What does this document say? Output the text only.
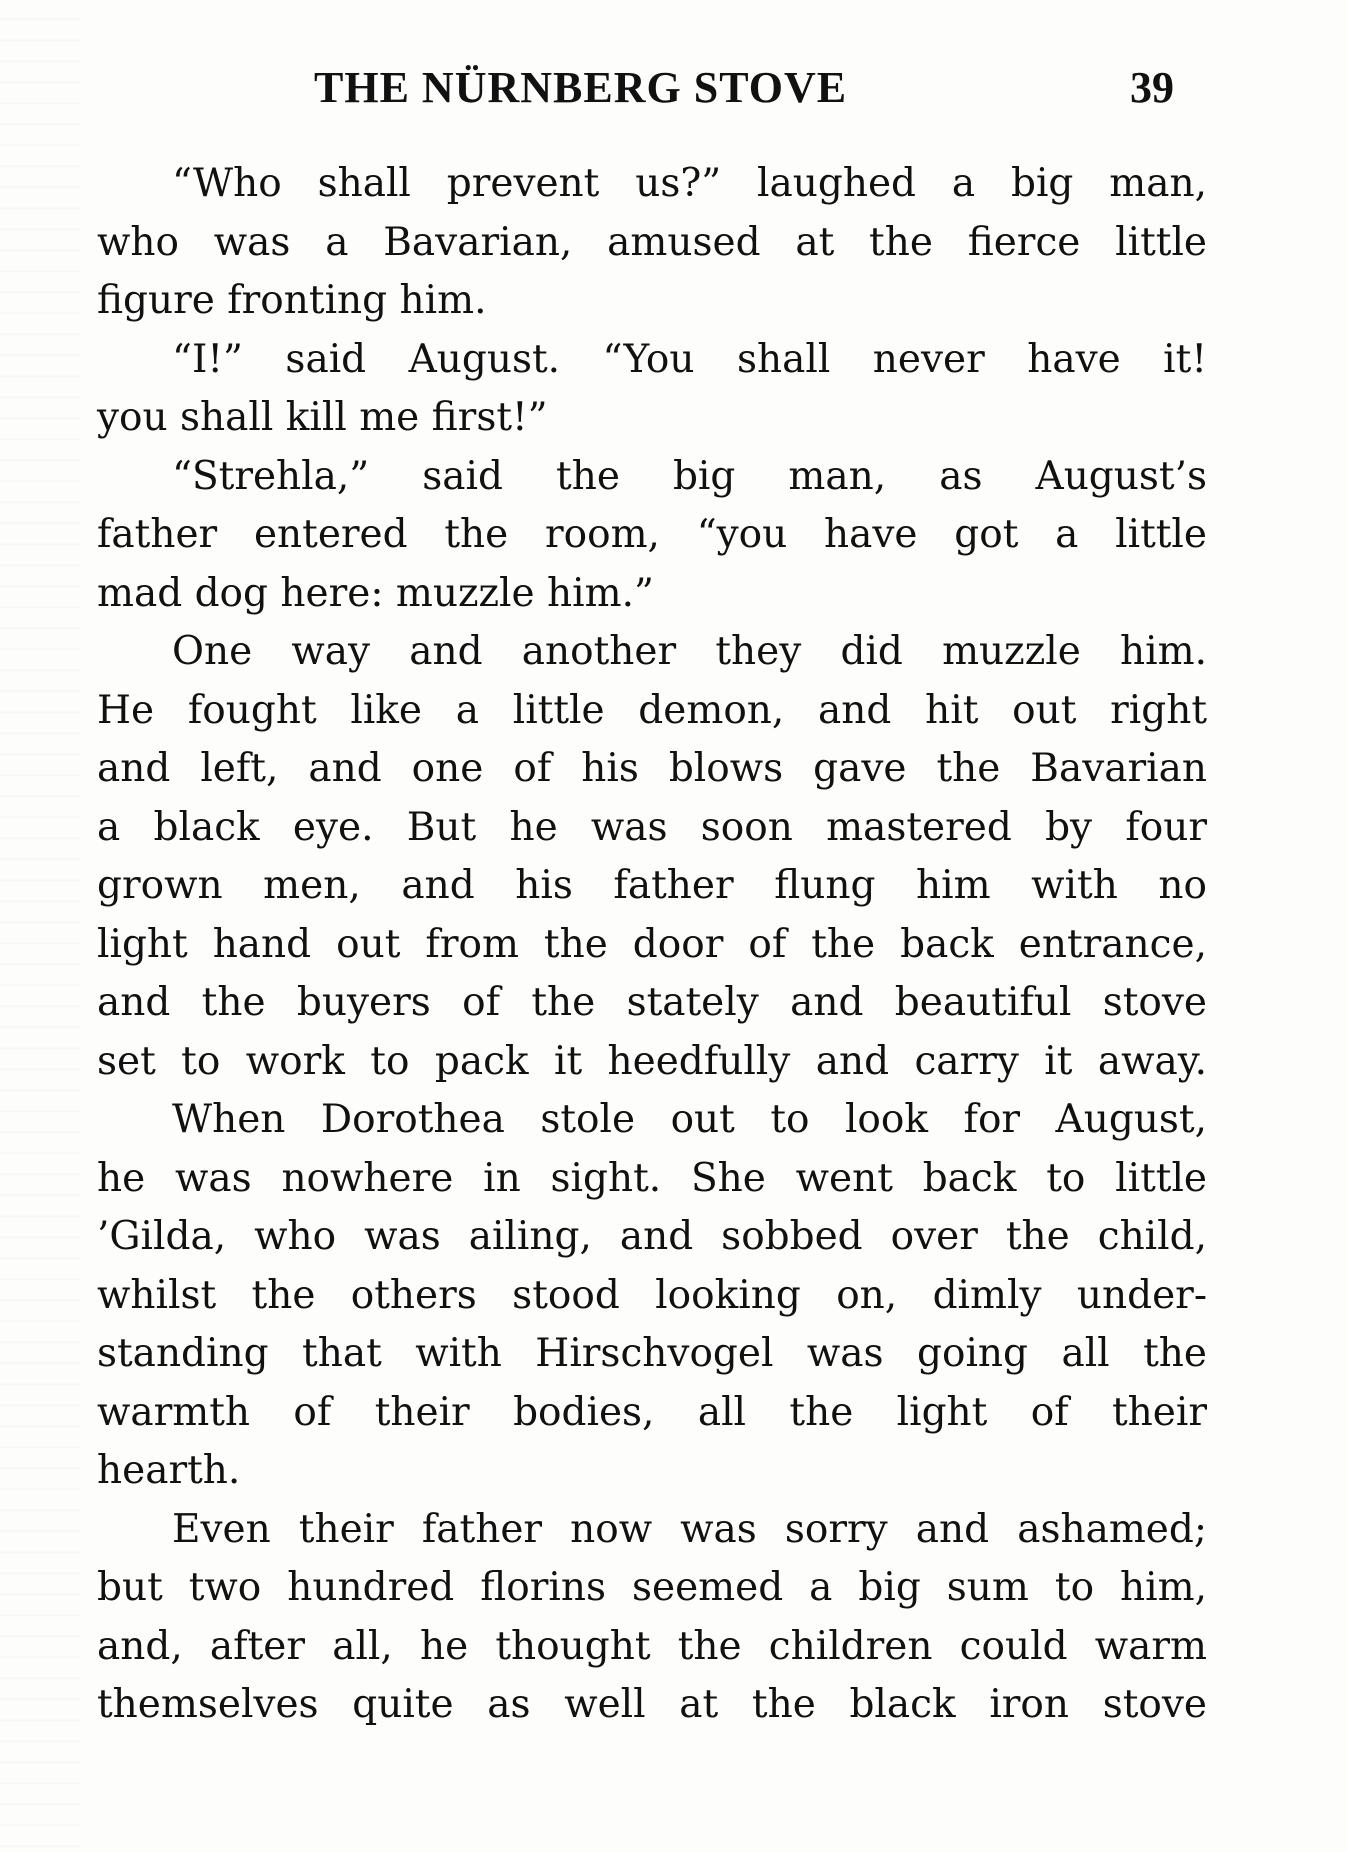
THE NÜRNBERG STOVE	39
“Who shall prevent us?” laughed a big man,
who was a Bavarian, amused at the fierce little
figure fronting him.
“I!” said August. “You shall never have it!
you shall kill me first!”
“Strehla,” said the big man, as August’s
father entered the room, “you have got a little
mad dog here: muzzle him.”
One way and another they did muzzle him.
He fought like a little demon, and hit out right
and left, and one of his blows gave the Bavarian
a black eye. But he was soon mastered by four
grown men, and his father flung him with no
light hand out from the door of the back entrance,
and the buyers of the stately and beautiful stove
set to work to pack it heedfully and carry it away.
When Dorothea stole out to look for August,
he was nowhere in sight. She went back to little
’Gilda, who was ailing, and sobbed over the child,
whilst the others stood looking on, dimly under-
standing that with Hirschvogel was going all the
warmth of their bodies, all the light of their
hearth.
Even their father now was sorry and ashamed;
but two hundred florins seemed a big sum to him,
and, after all, he thought the children could warm
themselves quite as well at the black iron stove
